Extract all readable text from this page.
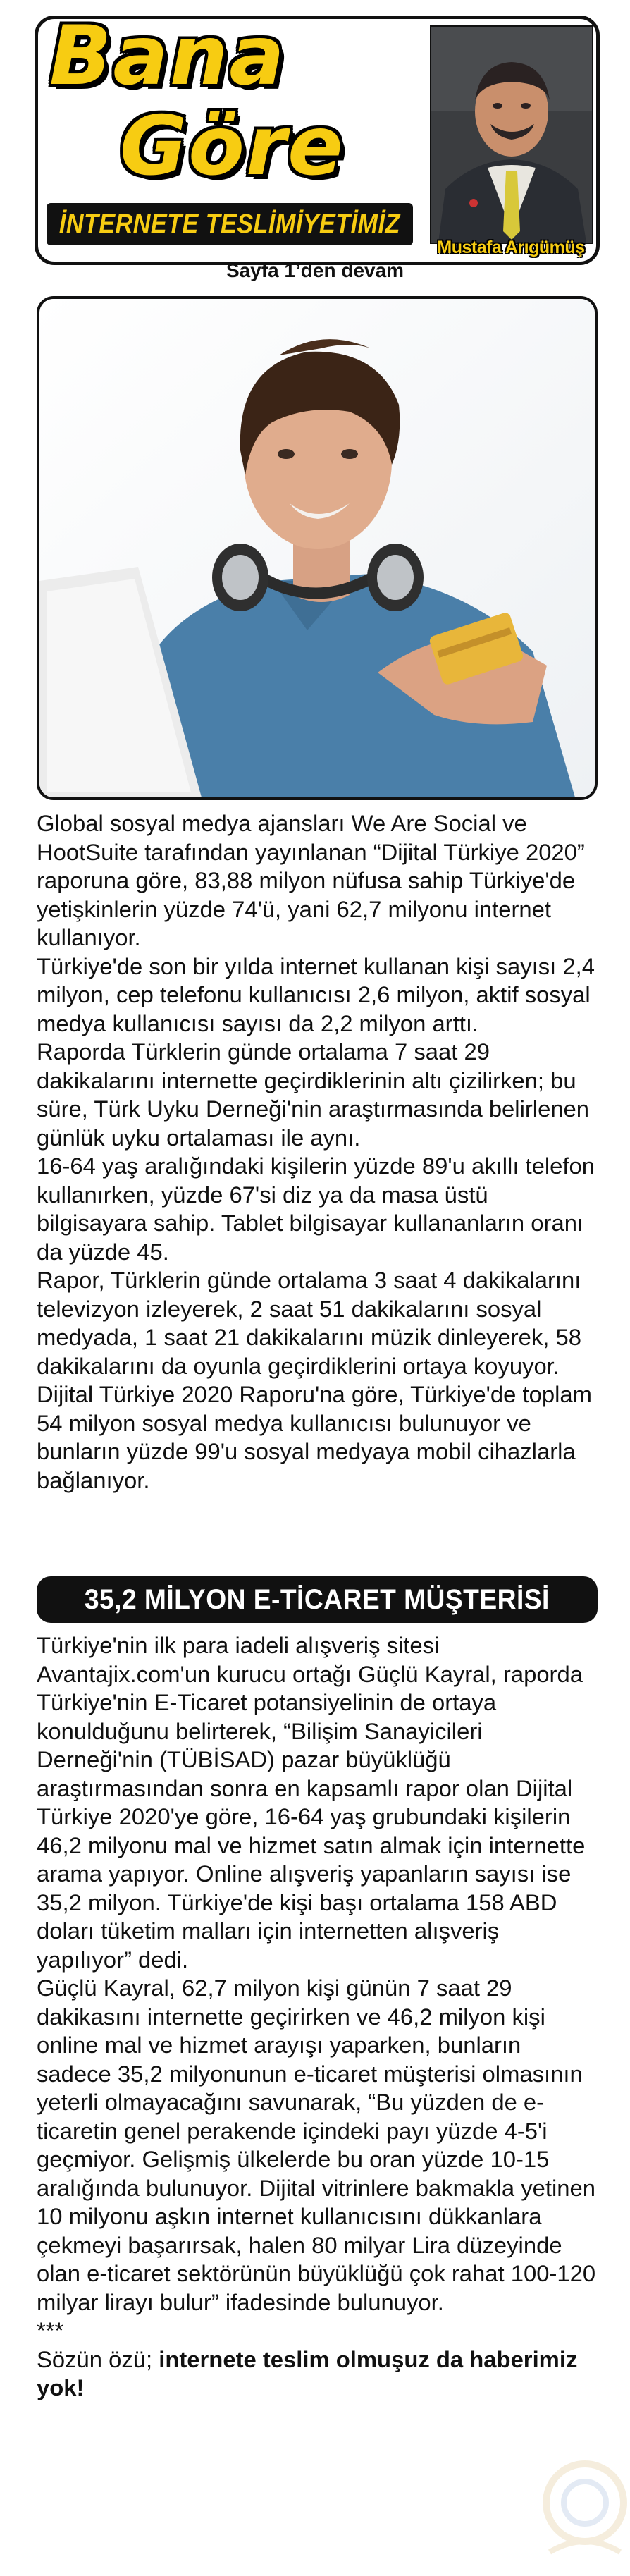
Bana
Göre
İNTERNETE TESLİMİYETİMİZ
Mustafa Arıgümüş
Sayfa 1’den devam

Global sosyal medya ajansları We Are Social ve HootSuite tarafından yayınlanan “Dijital Türkiye 2020” raporuna göre, 83,88 milyon nüfusa sahip Türkiye'de yetişkinlerin yüzde 74'ü, yani 62,7 milyonu internet kullanıyor.

Türkiye'de son bir yılda internet kullanan kişi sayısı 2,4 milyon, cep telefonu kullanıcısı 2,6 milyon, aktif sosyal medya kullanıcısı sayısı da 2,2 milyon arttı.

Raporda Türklerin günde ortalama 7 saat 29 dakikalarını internette geçirdiklerinin altı çizilirken; bu süre, Türk Uyku Derneği'nin araştırmasında belirlenen günlük uyku ortalaması ile aynı.

16-64 yaş aralığındaki kişilerin yüzde 89'u akıllı telefon kullanırken, yüzde 67'si diz ya da masa üstü bilgisayara sahip. Tablet bilgisayar kullananların oranı da yüzde 45.

Rapor, Türklerin günde ortalama 3 saat 4 dakikalarını televizyon izleyerek, 2 saat 51 dakikalarını sosyal medyada, 1 saat 21 dakikalarını müzik dinleyerek, 58 dakikalarını da oyunla geçirdiklerini ortaya koyuyor.

Dijital Türkiye 2020 Raporu'na göre, Türkiye'de toplam 54 milyon sosyal medya kullanıcısı bulunuyor ve bunların yüzde 99'u sosyal medyaya mobil cihazlarla bağlanıyor.

35,2 MİLYON E-TİCARET MÜŞTERİSİ

Türkiye'nin ilk para iadeli alışveriş sitesi Avantajix.com'un kurucu ortağı Güçlü Kayral, raporda Türkiye'nin E-Ticaret potansiyelinin de ortaya konulduğunu belirterek, “Bilişim Sanayicileri Derneği'nin (TÜBİSAD) pazar büyüklüğü araştırmasından sonra en kapsamlı rapor olan Dijital Türkiye 2020'ye göre, 16-64 yaş grubundaki kişilerin 46,2 milyonu mal ve hizmet satın almak için internette arama yapıyor. Online alışveriş yapanların sayısı ise 35,2 milyon. Türkiye'de kişi başı ortalama 158 ABD doları tüketim malları için internetten alışveriş yapılıyor” dedi.

Güçlü Kayral, 62,7 milyon kişi günün 7 saat 29 dakikasını internette geçirirken ve 46,2 milyon kişi online mal ve hizmet arayışı yaparken, bunların sadece 35,2 milyonunun e-ticaret müşterisi olmasının yeterli olmayacağını savunarak, “Bu yüzden de e-ticaretin genel perakende içindeki payı yüzde 4-5'i geçmiyor. Gelişmiş ülkelerde bu oran yüzde 10-15 aralığında bulunuyor. Dijital vitrinlere bakmakla yetinen 10 milyonu aşkın internet kullanıcısını dükkanlara çekmeyi başarırsak, halen 80 milyar Lira düzeyinde olan e-ticaret sektörünün büyüklüğü çok rahat 100-120 milyar lirayı bulur” ifadesinde bulunuyor.

***

Sözün özü; internete teslim olmuşuz da haberimiz yok!
